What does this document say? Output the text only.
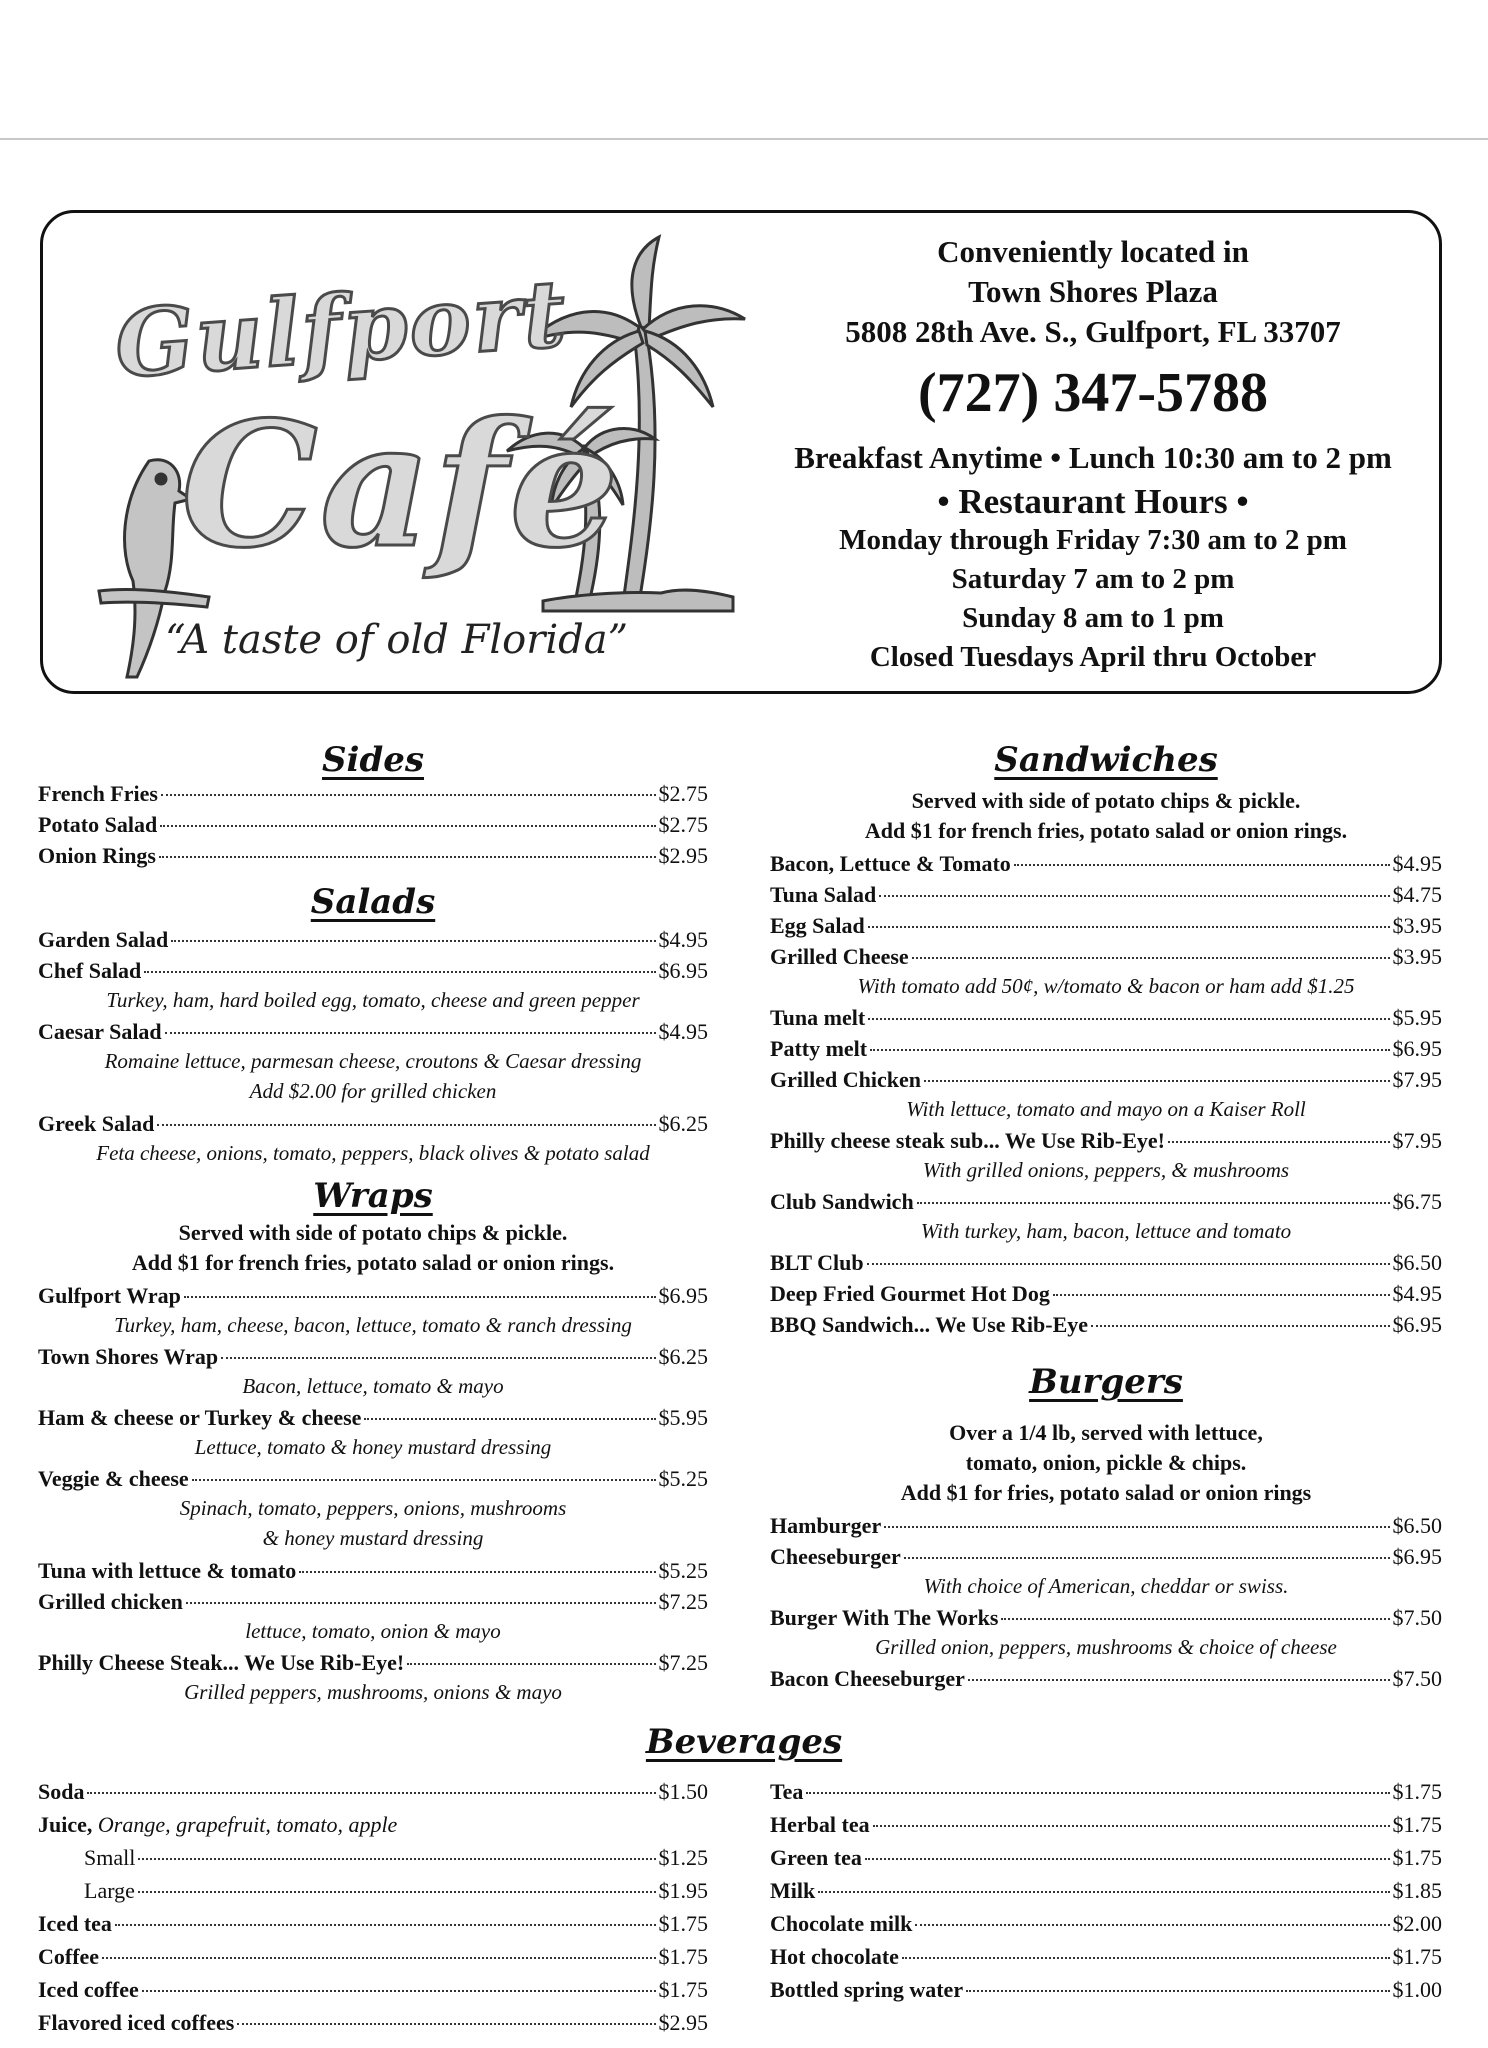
Gulfport
Café
“A taste of old Florida”
Conveniently located in
Town Shores Plaza
5808 28th Ave. S., Gulfport, FL 33707
(727) 347-5788
Breakfast Anytime • Lunch 10:30 am to 2 pm
• Restaurant Hours •
Monday through Friday 7:30 am to 2 pm
Saturday 7 am to 2 pm
Sunday 8 am to 1 pm
Closed Tuesdays April thru October
Sides
French Fries	$2.75
Potato Salad	$2.75
Onion Rings	$2.95
Salads
Garden Salad	$4.95
Chef Salad	$6.95
Turkey, ham, hard boiled egg, tomato, cheese and green pepper
Caesar Salad	$4.95
Romaine lettuce, parmesan cheese, croutons & Caesar dressing
Add $2.00 for grilled chicken
Greek Salad	$6.25
Feta cheese, onions, tomato, peppers, black olives & potato salad
Wraps
Served with side of potato chips & pickle.
Add $1 for french fries, potato salad or onion rings.
Gulfport Wrap	$6.95
Turkey, ham, cheese, bacon, lettuce, tomato & ranch dressing
Town Shores Wrap	$6.25
Bacon, lettuce, tomato & mayo
Ham & cheese or Turkey & cheese	$5.95
Lettuce, tomato & honey mustard dressing
Veggie & cheese	$5.25
Spinach, tomato, peppers, onions, mushrooms
& honey mustard dressing
Tuna with lettuce & tomato	$5.25
Grilled chicken	$7.25
lettuce, tomato, onion & mayo
Philly Cheese Steak... We Use Rib-Eye!	$7.25
Grilled peppers, mushrooms, onions & mayo
Sandwiches
Served with side of potato chips & pickle.
Add $1 for french fries, potato salad or onion rings.
Bacon, Lettuce & Tomato	$4.95
Tuna Salad	$4.75
Egg Salad	$3.95
Grilled Cheese	$3.95
With tomato add 50¢, w/tomato & bacon or ham add $1.25
Tuna melt	$5.95
Patty melt	$6.95
Grilled Chicken	$7.95
With lettuce, tomato and mayo on a Kaiser Roll
Philly cheese steak sub... We Use Rib-Eye!	$7.95
With grilled onions, peppers, & mushrooms
Club Sandwich	$6.75
With turkey, ham, bacon, lettuce and tomato
BLT Club	$6.50
Deep Fried Gourmet Hot Dog	$4.95
BBQ Sandwich... We Use Rib-Eye	$6.95
Burgers
Over a 1/4 lb, served with lettuce,
tomato, onion, pickle & chips.
Add $1 for fries, potato salad or onion rings
Hamburger	$6.50
Cheeseburger	$6.95
With choice of American, cheddar or swiss.
Burger With The Works	$7.50
Grilled onion, peppers, mushrooms & choice of cheese
Bacon Cheeseburger	$7.50
Beverages
Soda	$1.50
Juice, Orange, grapefruit, tomato, apple
Small	$1.25
Large	$1.95
Iced tea	$1.75
Coffee	$1.75
Iced coffee	$1.75
Flavored iced coffees	$2.95
Tea	$1.75
Herbal tea	$1.75
Green tea	$1.75
Milk	$1.85
Chocolate milk	$2.00
Hot chocolate	$1.75
Bottled spring water	$1.00
